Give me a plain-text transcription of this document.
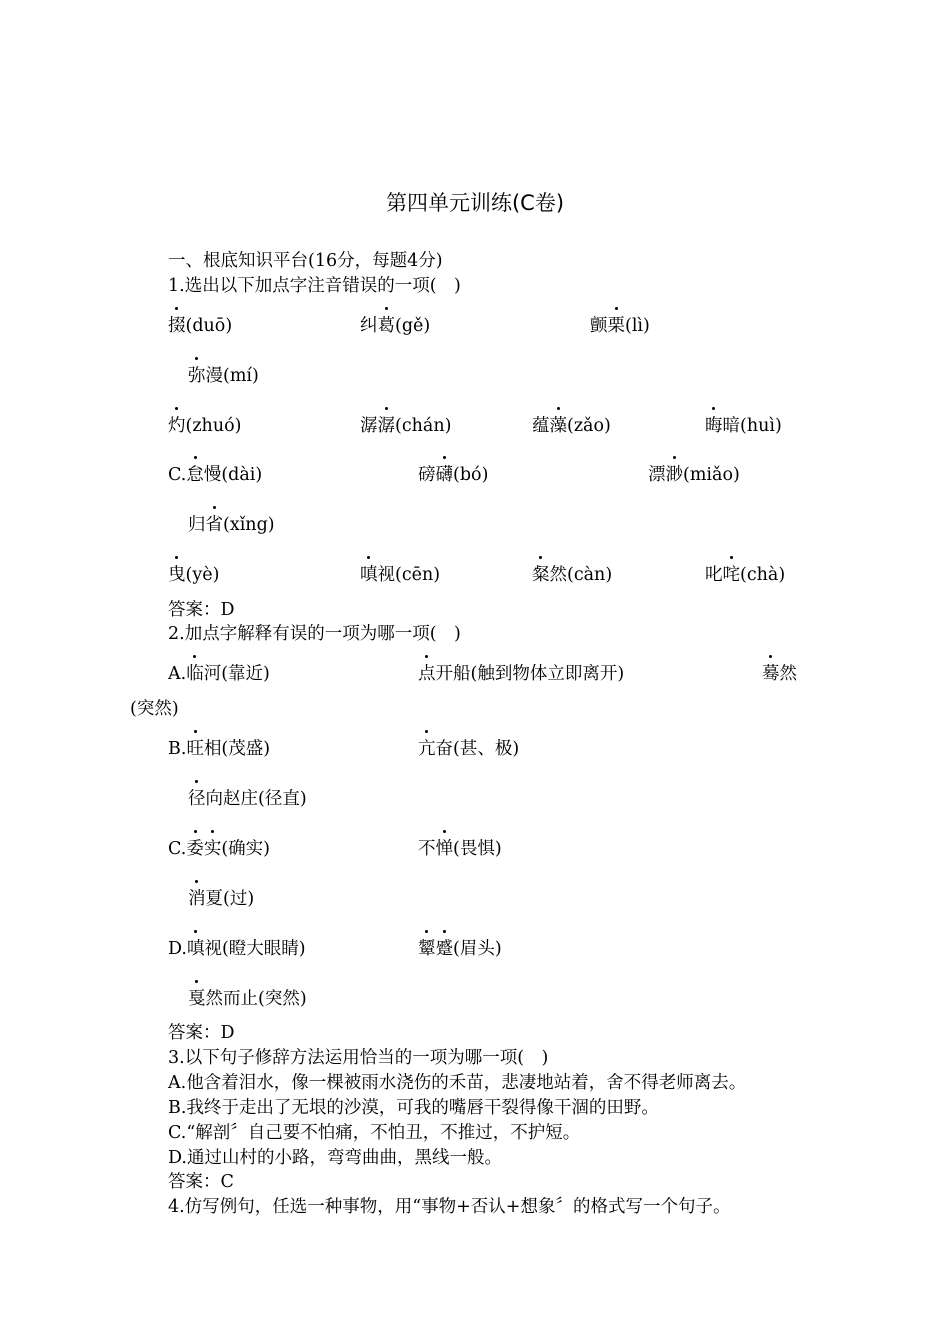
第四单元训练(C卷)
一、根底知识平台(16分，每题4分)
1.选出以下加点字注音错误的一项(　)
掇(duō)	纠葛(gě)	颤栗(lì)
弥漫(mí)
灼(zhuó)	潺潺(chán)	蕴藻(zǎo)	晦暗(huì)
C.怠慢(dài)	磅礴(bó)	漂渺(miǎo)
归省(xǐng)
曳(yè)	嗔视(cēn)	粲然(càn)	叱咤(chà)
答案：D
2.加点字解释有误的一项为哪一项(　)
A.临河(靠近)	点开船(触到物体立即离开)	蓦然
(突然)
B.旺相(茂盛)	亢奋(甚、极)
径向赵庄(径直)
C.委实(确实)	不惮(畏惧)
消夏(过)
D.嗔视(瞪大眼睛)	颦蹙(眉头)
戛然而止(突然)
答案：D
3.以下句子修辞方法运用恰当的一项为哪一项(　)
A.他含着泪水，像一棵被雨水浇伤的禾苗，悲凄地站着，舍不得老师离去。
B.我终于走出了无垠的沙漠，可我的嘴唇干裂得像干涸的田野。
C.“解剖〞自己要不怕痛，不怕丑，不推过，不护短。
D.通过山村的小路，弯弯曲曲，黑线一般。
答案：C
4.仿写例句，任选一种事物，用“事物+否认+想象〞的格式写一个句子。
